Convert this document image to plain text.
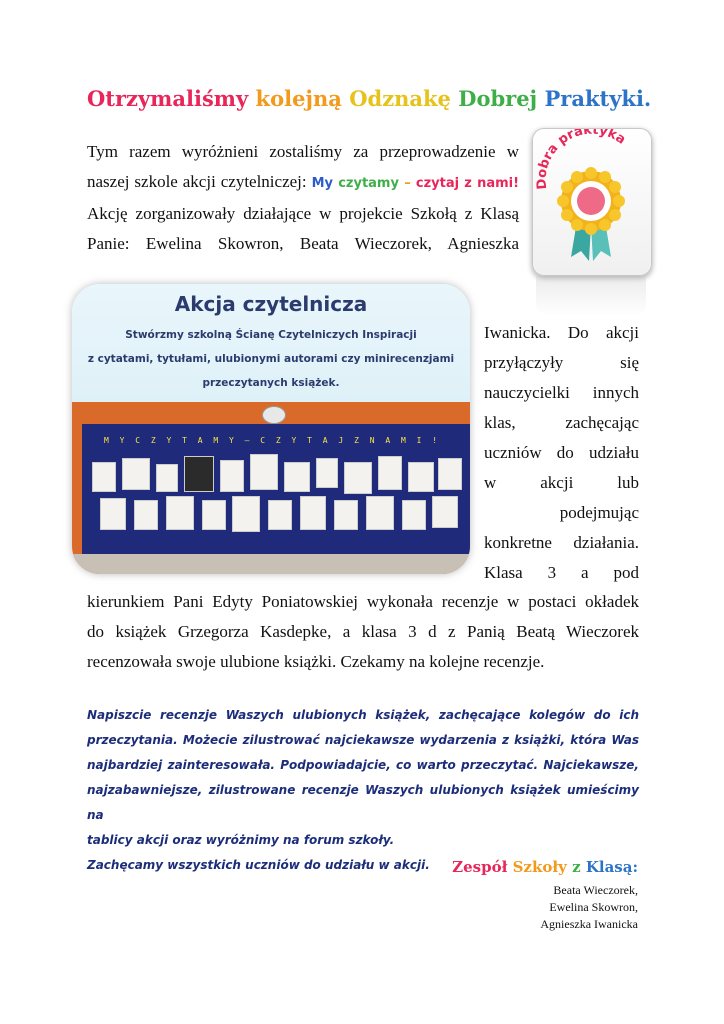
Otrzymaliśmy kolejną Odznakę Dobrej Praktyki.
Tym razem wyróżnieni zostaliśmy za przeprowadzenie w
naszej szkole akcji czytelniczej: My czytamy – czytaj z nami!
Akcję zorganizowały działające w projekcie Szkołą z Klasą
Panie: Ewelina Skowron, Beata Wieczorek, Agnieszka
Dobra praktyka
Akcja czytelnicza
Stwórzmy szkolną Ścianę Czytelniczych Inspiracji
z cytatami, tytułami, ulubionymi autorami czy minirecenzjami
przeczytanych książek.
M Y C Z Y T A M Y – C Z Y T A J Z N A M I !
Iwanicka. Do akcji
przyłączyły się
nauczycielki innych
klas, zachęcając
uczniów do udziału
w akcji lub
podejmując
konkretne działania.
Klasa 3 a pod
kierunkiem Pani Edyty Poniatowskiej wykonała recenzje w postaci okładek
do książek Grzegorza Kasdepke, a klasa 3 d z Panią Beatą Wieczorek
recenzowała swoje ulubione książki. Czekamy na kolejne recenzje.
Napiszcie recenzje Waszych ulubionych książek, zachęcające kolegów do ich
przeczytania. Możecie zilustrować najciekawsze wydarzenia z książki, która Was
najbardziej zainteresowała. Podpowiadajcie, co warto przeczytać. Najciekawsze,
najzabawniejsze, zilustrowane recenzje Waszych ulubionych książek umieścimy na
tablicy akcji oraz wyróżnimy na forum szkoły.
Zachęcamy wszystkich uczniów do udziału w akcji.	Zespół Szkoły z Klasą:
Beata Wieczorek,
Ewelina Skowron,
Agnieszka Iwanicka
